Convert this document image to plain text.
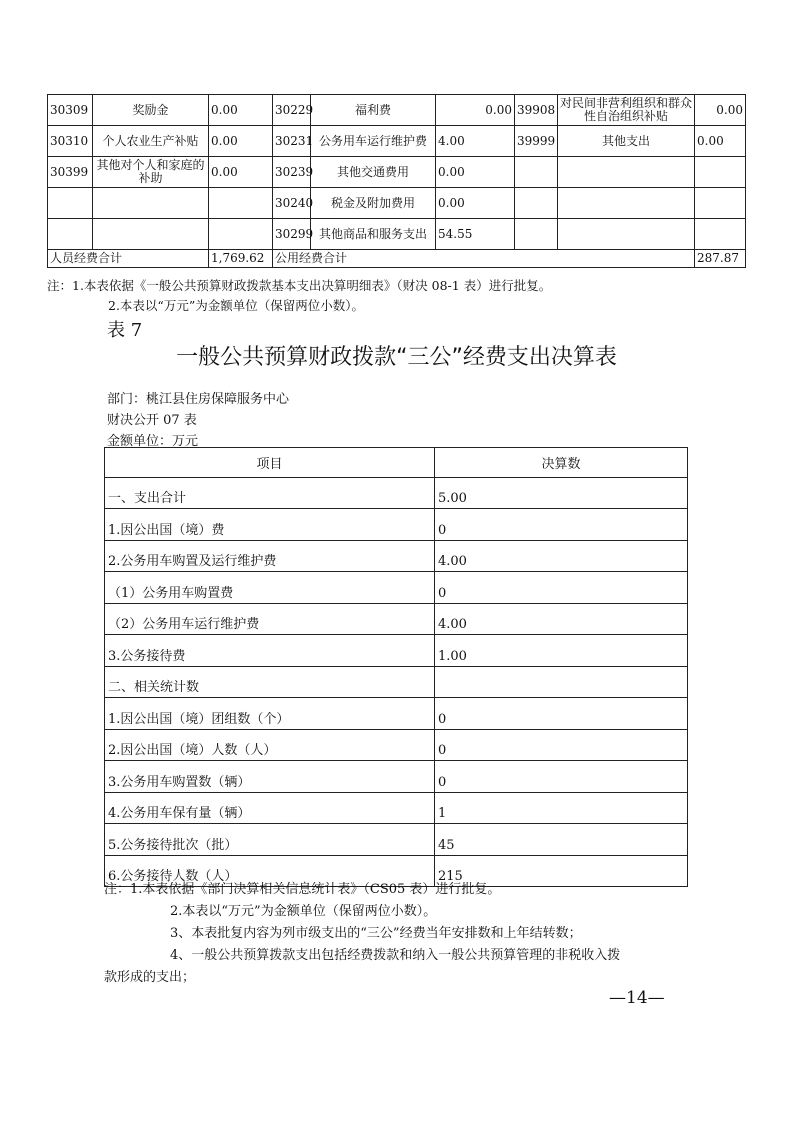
30309	奖励金	0.00	30229	福利费	0.00	39908	对民间非营利组织和群众性自治组织补贴	0.00
30310	个人农业生产补贴	0.00	30231	公务用车运行维护费	4.00	39999	其他支出	0.00
30399	其他对个人和家庭的补助	0.00	30239	其他交通费用	0.00			
			30240	税金及附加费用	0.00			
			30299	其他商品和服务支出	54.55			
人员经费合计		1,769.62	公用经费合计					287.87
注：1.本表依据《一般公共预算财政拨款基本支出决算明细表》（财决 08-1 表）进行批复。
2.本表以“万元”为金额单位（保留两位小数）。
表 7
一般公共预算财政拨款“三公”经费支出决算表
部门：桃江县住房保障服务中心
财决公开 07 表
金额单位：万元
项目	决算数
一、支出合计	5.00
1.因公出国（境）费	0
2.公务用车购置及运行维护费	4.00
（1）公务用车购置费	0
（2）公务用车运行维护费	4.00
3.公务接待费	1.00
二、相关统计数	
1.因公出国（境）团组数（个）	0
2.因公出国（境）人数（人）	0
3.公务用车购置数（辆）	0
4.公务用车保有量（辆）	1
5.公务接待批次（批）	45
6.公务接待人数（人）	215
注：1.本表依据《部门决算相关信息统计表》（CS05 表）进行批复。
2.本表以“万元”为金额单位（保留两位小数）。
3、本表批复内容为列市级支出的“三公”经费当年安排数和上年结转数；
4、一般公共预算拨款支出包括经费拨款和纳入一般公共预算管理的非税收入拨
款形成的支出；
—14—
